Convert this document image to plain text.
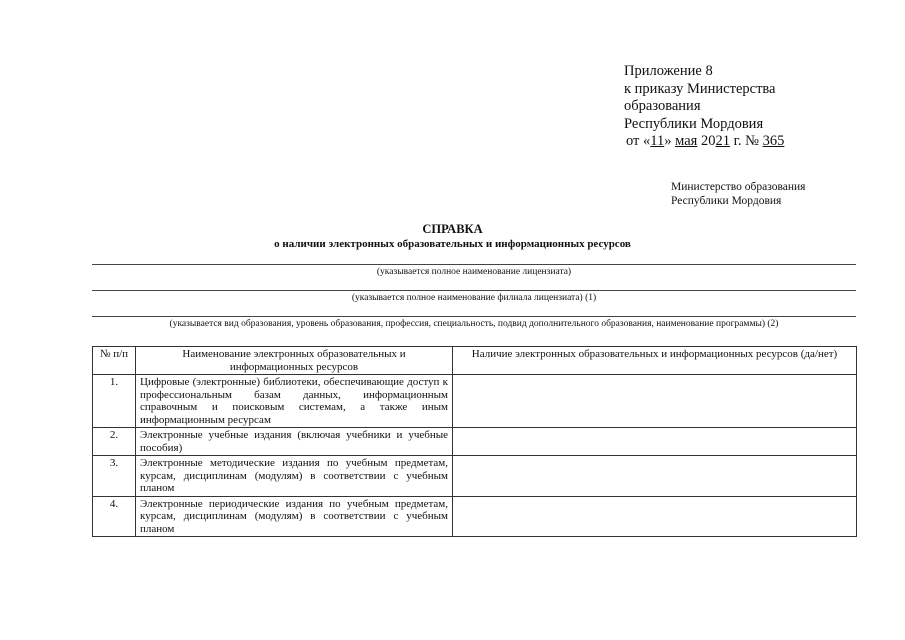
Приложение 8
к приказу Министерства
образования
Республики Мордовия
от «11» мая 2021 г. № 365
Министерство образования
Республики Мордовия
СПРАВКА
о наличии электронных образовательных и информационных ресурсов
(указывается полное наименование лицензиата)
(указывается полное наименование филиала лицензиата) (1)
(указывается вид образования, уровень образования, профессия, специальность, подвид дополнительного образования, наименование программы) (2)
№ п/п	Наименование электронных образовательных и информационных ресурсов	Наличие электронных образовательных и информационных ресурсов (да/нет)
1.	Цифровые (электронные) библиотеки, обеспечивающие доступ к профессиональным базам данных, информационным справочным и поисковым системам, а также иным информационным ресурсам	
2.	Электронные учебные издания (включая учебники и учебные пособия)	
3.	Электронные методические издания по учебным предметам, курсам, дисциплинам (модулям) в соответствии с учебным планом	
4.	Электронные периодические издания по учебным предметам, курсам, дисциплинам (модулям) в соответствии с учебным планом	
